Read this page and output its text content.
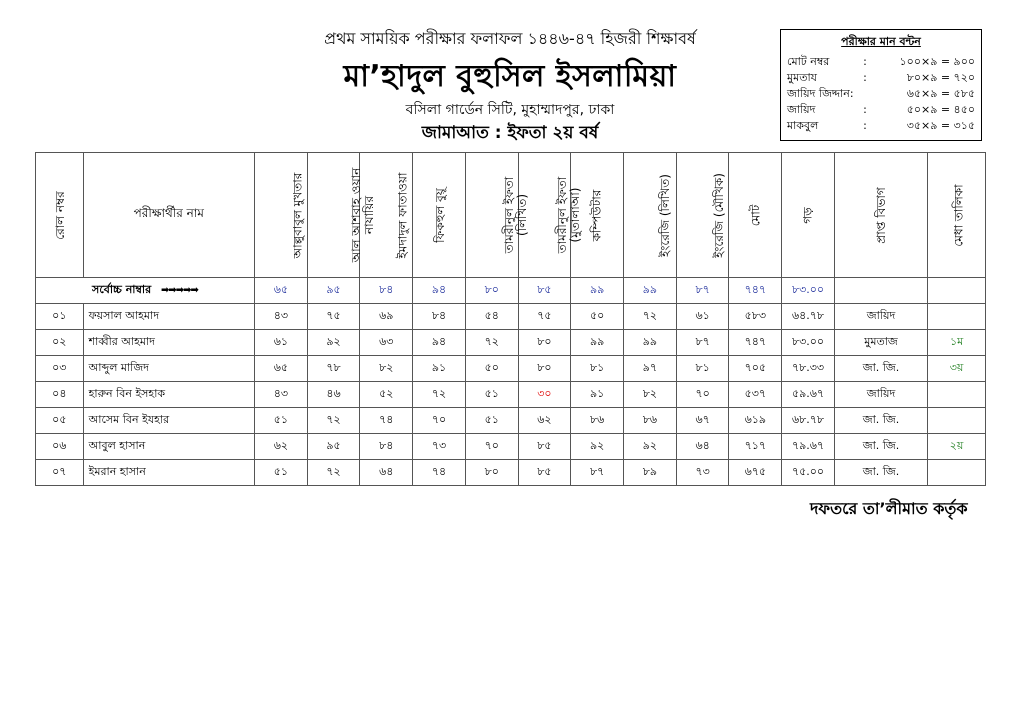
প্রথম সাময়িক পরীক্ষার ফলাফল ১৪৪৬-৪৭ হিজরী শিক্ষাবর্ষ
মা’হাদুল বুহুসিল ইসলামিয়া
বসিলা গার্ডেন সিটি, মুহাম্মাদপুর, ঢাকা
জামাআত : ইফতা ২য় বর্ষ
পরীক্ষার মান বন্টন
মোট নম্বর	:	১০০×৯ = ৯০০
মুমতায	:	৮০×৯ = ৭২০
জায়িদ জিদ্দান:	৬৫×৯ = ৫৮৫
জায়িদ	:	৫০×৯ = ৪৫০
মাকবুল	:	৩৫×৯ = ৩১৫
রোল নম্বর	পরীক্ষার্থীর নাম	আল্লুবাবুল মুখতার	আল আশবাহ ওয়ান নাযায়ির	ইমদাদুল ফাতাওয়া	ফিকহুল বুয়ূ	তামরীনুল ইফতা (লিখিত)	তামরীনুল ইফতা (মুতালাআ)	কম্পিউটার	ইংরেজি (লিখিত)	ইংরেজি (মৌখিক)	মোট	গড়	প্রাপ্ত বিভাগ	মেধা তালিকা
সর্বোচ্চ নাম্বার ➡➡➡➡➡		৬৫	৯৫	৮৪	৯৪	৮০	৮৫	৯৯	৯৯	৮৭	৭৪৭	৮৩.০০		
০১	ফয়সাল আহমাদ	৪৩	৭৫	৬৯	৮৪	৫৪	৭৫	৫০	৭২	৬১	৫৮৩	৬৪.৭৮	জায়িদ	
০২	শাব্বীর আহমাদ	৬১	৯২	৬৩	৯৪	৭২	৮০	৯৯	৯৯	৮৭	৭৪৭	৮৩.০০	মুমতাজ	১ম
০৩	আব্দুল মাজিদ	৬৫	৭৮	৮২	৯১	৫০	৮০	৮১	৯৭	৮১	৭০৫	৭৮.৩৩	জা. জি.	৩য়
০৪	হারুন বিন ইসহাক	৪৩	৪৬	৫২	৭২	৫১	৩০	৯১	৮২	৭০	৫৩৭	৫৯.৬৭	জায়িদ	
০৫	আসেম বিন ইযহার	৫১	৭২	৭৪	৭০	৫১	৬২	৮৬	৮৬	৬৭	৬১৯	৬৮.৭৮	জা. জি.	
০৬	আবুল হাসান	৬২	৯৫	৮৪	৭৩	৭০	৮৫	৯২	৯২	৬৪	৭১৭	৭৯.৬৭	জা. জি.	২য়
০৭	ইমরান হাসান	৫১	৭২	৬৪	৭৪	৮০	৮৫	৮৭	৮৯	৭৩	৬৭৫	৭৫.০০	জা. জি.	
দফতরে তা’লীমাত কর্তৃক
